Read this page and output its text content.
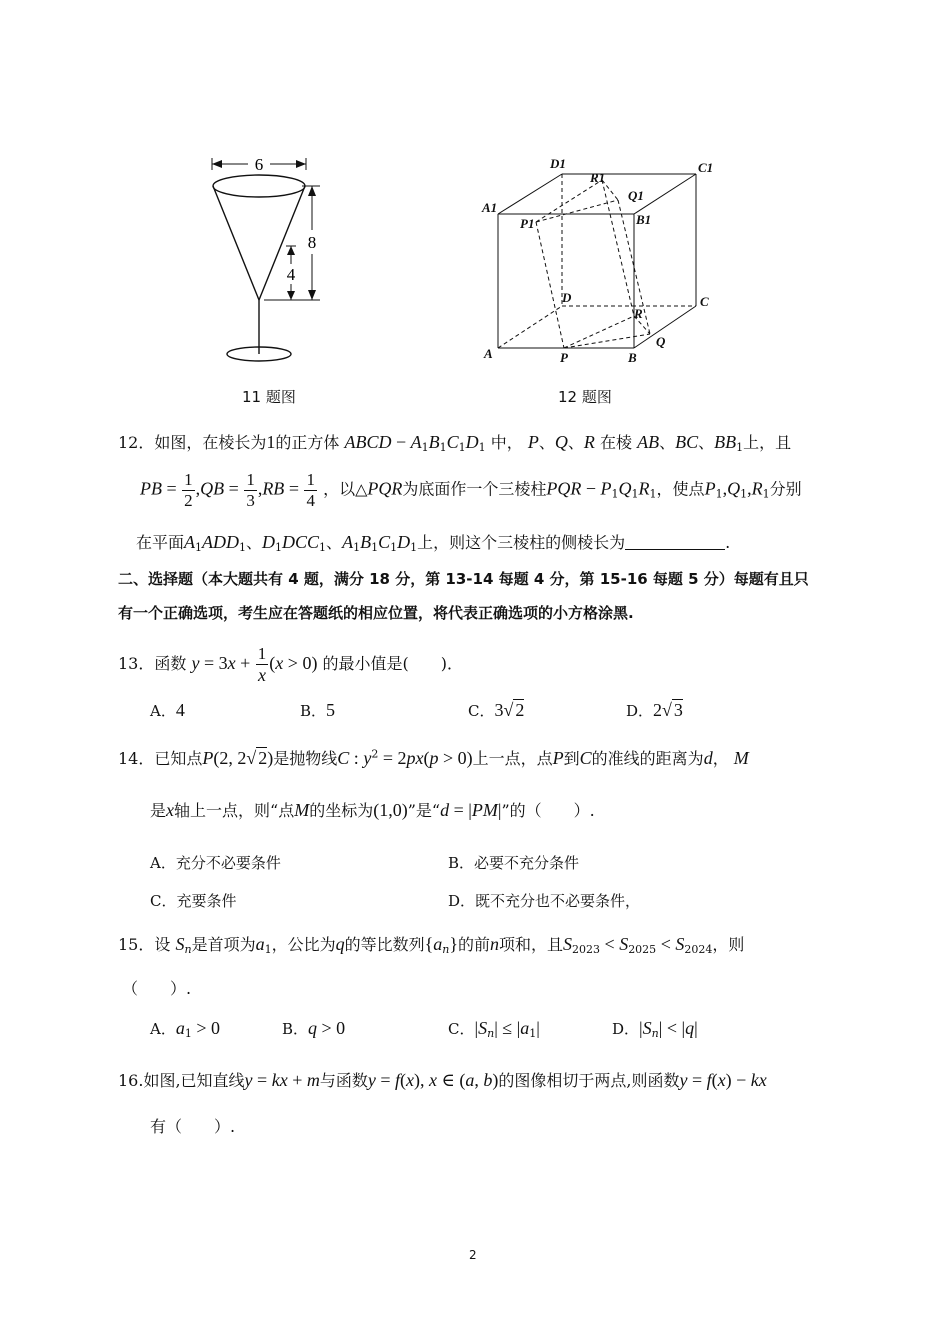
6
8
4
11 题图
D1	C1
A1
B1
R1
Q1
P1
D	C
R
A	P	B
Q
12 题图
12．如图，在棱长为1的正方体 ABCD − $A_1B_1C_1D_1$ 中， P、Q、R 在棱 AB、BC、$BB_1$上，且
PB = $\frac{1}{2} ,QB = \frac{1}{3} ,RB = \frac{1}{4}$ ，以△PQR为底面作一个三棱柱PQR − $P_1Q_1R_1$，使点$P_1,Q_1,R_1$分别
在平面$A_1ADD_1$、$D_1DCC_1$、$A_1B_1C_1D_1$上，则这个三棱柱的侧棱长为	.
二、选择题（本大题共有 4 题，满分 18 分，第 13-14 每题 4 分，第 15-16 每题 5 分）每题有且只
有一个正确选项，考生应在答题纸的相应位置，将代表正确选项的小方格涂黑.
13．函数 $y = 3x + \frac{1}{x} (x > 0)$ 的最小值是(　　)．
A．4	B．5	C．3√ 2	D．2√ 3
14．已知点P(2, 2√ 2)是抛物线C : $y^2 = 2px(p > 0)$上一点，点P到C的准线的距离为d， M
是x轴上一点，则“点M的坐标为(1,0)”是“d = |PM|”的（　　）.
A．充分不必要条件	B．必要不充分条件
C．充要条件	D．既不充分也不必要条件，
15．设 $S_n$是首项为$a_1$，公比为q的等比数列$\{a_n\}$的前n项和，且$S_{2023} < S_{2025} < S_{2024}$，则
（　　）.
A．$a_1 > 0$	B．q > 0	C．$|S_n| \le |a_1|$	D．$|S_n| < |q|$
16.如图,已知直线y = kx + m与函数y = f(x), x ∈ (a, b)的图像相切于两点,则函数y = f(x) − kx
有（　　）.
2
